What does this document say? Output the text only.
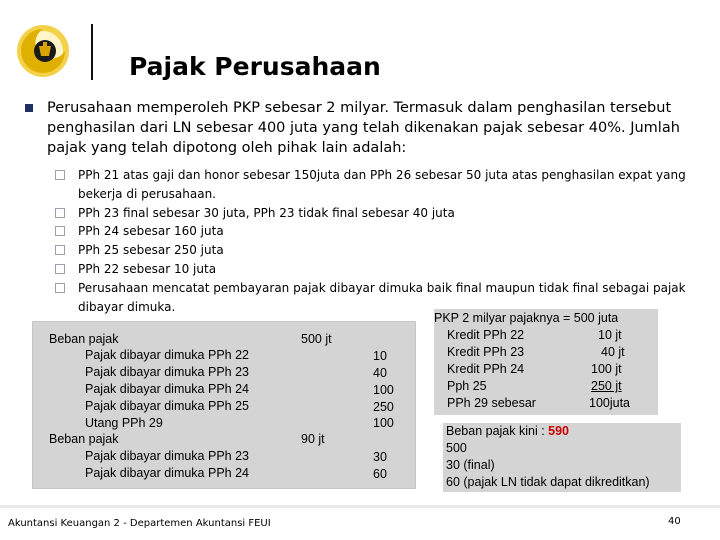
Pajak Perusahaan
Perusahaan memperoleh PKP sebesar 2 milyar. Termasuk dalam penghasilan tersebut penghasilan dari LN sebesar 400 juta yang telah dikenakan pajak sebesar 40%. Jumlah pajak yang telah dipotong oleh pihak lain adalah:
PPh 21 atas gaji dan honor sebesar 150juta dan PPh 26 sebesar 50 juta atas penghasilan expat yang bekerja di perusahaan.
PPh 23 final sebesar 30 juta, PPh 23 tidak final sebesar 40 juta
PPh 24 sebesar 160 juta
PPh 25 sebesar 250 juta
PPh 22 sebesar 10 juta
Perusahaan mencatat pembayaran pajak dibayar dimuka baik final maupun tidak final sebagai pajak dibayar dimuka.
Beban pajak	500 jt
Pajak dibayar dimuka PPh 22	10
Pajak dibayar dimuka PPh 23	40
Pajak dibayar dimuka PPh 24	100
Pajak dibayar dimuka PPh 25	250
Utang PPh 29	100
Beban pajak	90 jt
Pajak dibayar dimuka PPh 23	30
Pajak dibayar dimuka PPh 24	60
PKP 2 milyar pajaknya = 500 juta
Kredit PPh 22	10 jt
Kredit PPh 23	40 jt
Kredit PPh 24	100 jt
Pph 25	250 jt
PPh 29 sebesar	100juta
Beban pajak kini : 590
500
30 (final)
60 (pajak LN tidak dapat dikreditkan)
Akuntansi Keuangan 2 - Departemen Akuntansi FEUI	40
